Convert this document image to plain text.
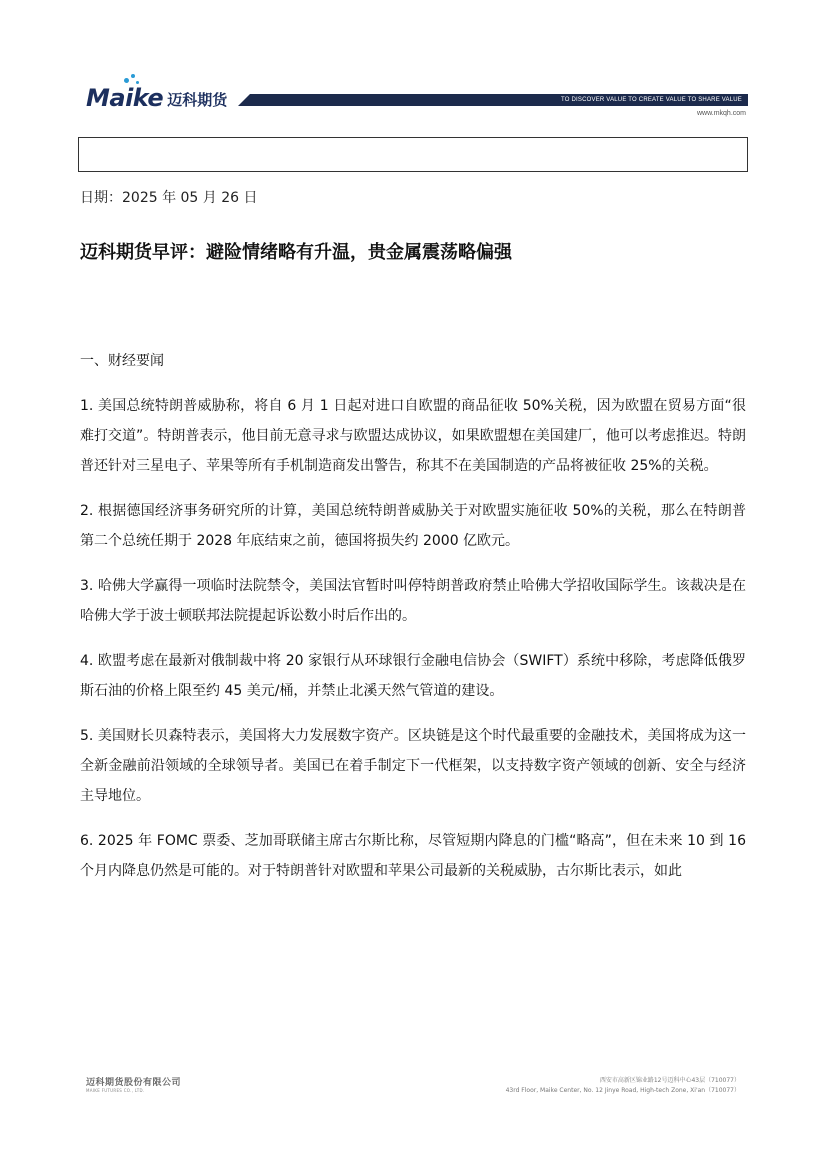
Maike 迈科期货	TO DISCOVER VALUE TO CREATE VALUE TO SHARE VALUE
www.mkqh.com
日期：2025 年 05 月 26 日
迈科期货早评：避险情绪略有升温，贵金属震荡略偏强

一、财经要闻

1. 美国总统特朗普威胁称，将自 6 月 1 日起对进口自欧盟的商品征收 50%关税，因为欧盟在贸易方面“很难打交道”。特朗普表示，他目前无意寻求与欧盟达成协议，如果欧盟想在美国建厂，他可以考虑推迟。特朗普还针对三星电子、苹果等所有手机制造商发出警告，称其不在美国制造的产品将被征收 25%的关税。

2. 根据德国经济事务研究所的计算，美国总统特朗普威胁关于对欧盟实施征收 50%的关税，那么在特朗普第二个总统任期于 2028 年底结束之前，德国将损失约 2000 亿欧元。

3. 哈佛大学赢得一项临时法院禁令，美国法官暂时叫停特朗普政府禁止哈佛大学招收国际学生。该裁决是在哈佛大学于波士顿联邦法院提起诉讼数小时后作出的。

4. 欧盟考虑在最新对俄制裁中将 20 家银行从环球银行金融电信协会（SWIFT）系统中移除，考虑降低俄罗斯石油的价格上限至约 45 美元/桶，并禁止北溪天然气管道的建设。

5. 美国财长贝森特表示，美国将大力发展数字资产。区块链是这个时代最重要的金融技术，美国将成为这一全新金融前沿领域的全球领导者。美国已在着手制定下一代框架，以支持数字资产领域的创新、安全与经济主导地位。

6. 2025 年 FOMC 票委、芝加哥联储主席古尔斯比称，尽管短期内降息的门槛“略高”，但在未来 10 到 16 个月内降息仍然是可能的。对于特朗普针对欧盟和苹果公司最新的关税威胁，古尔斯比表示，如此

迈科期货股份有限公司
MAIKE FUTURES CO., LTD.
西安市高新区锦业路12号迈科中心43层（710077）
43rd Floor, Maike Center, No. 12 Jinye Road, High-tech Zone, Xi'an（710077）
